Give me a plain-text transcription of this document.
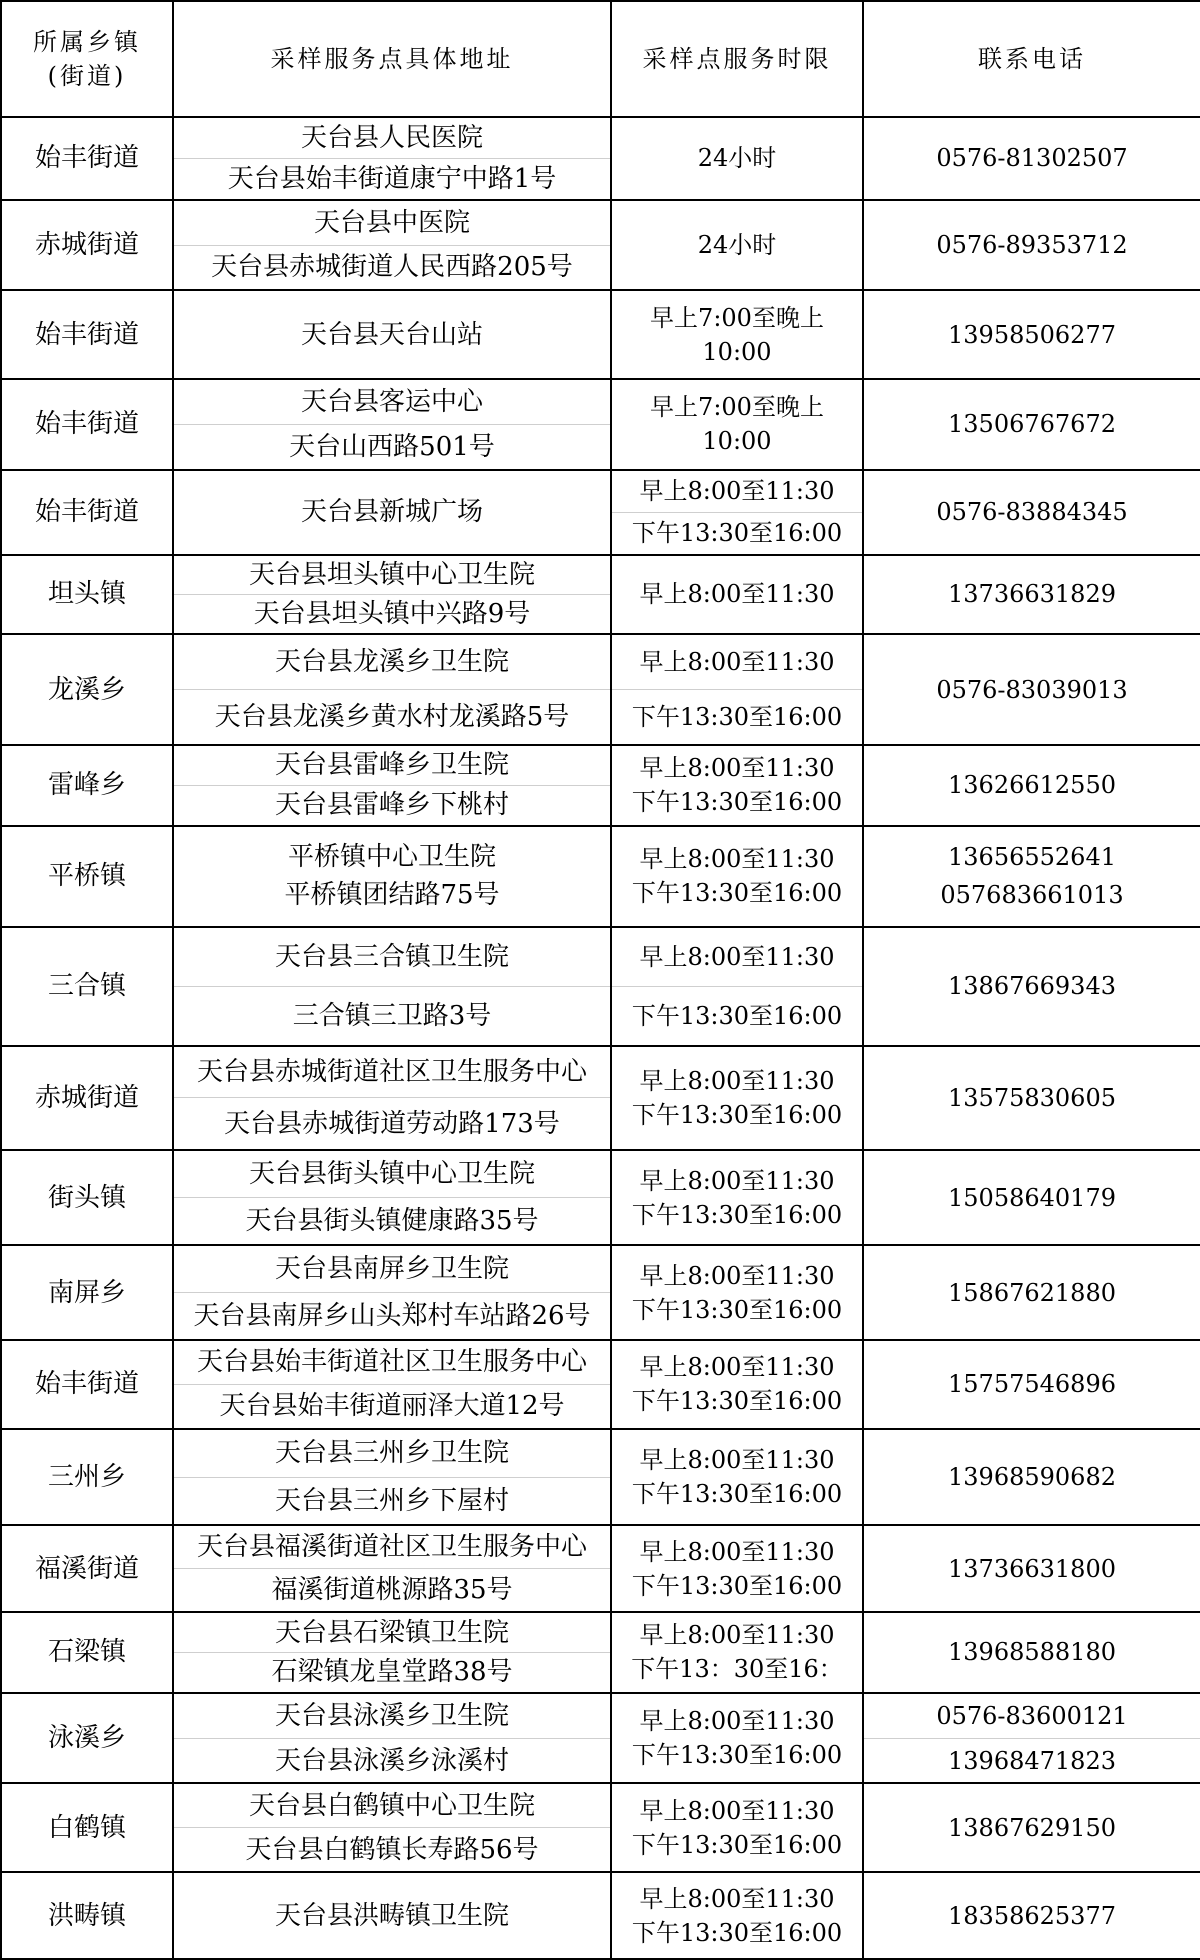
所属乡镇
(街道)	采样服务点具体地址	采样点服务时限	联系电话
始丰街道	天台县人民医院
天台县始丰街道康宁中路1号	24小时	0576-81302507

赤城街道	天台县中医院
天台县赤城街道人民西路205号	24小时	0576-89353712

始丰街道	天台县天台山站	早上7:00至晚上
10:00	13958506277

始丰街道	天台县客运中心
天台山西路501号	早上7:00至晚上
10:00	13506767672

始丰街道	天台县新城广场	早上8:00至11:30
下午13:30至16:00	0576-83884345

坦头镇	天台县坦头镇中心卫生院
天台县坦头镇中兴路9号	早上8:00至11:30	13736631829

龙溪乡	天台县龙溪乡卫生院
天台县龙溪乡黄水村龙溪路5号	早上8:00至11:30
下午13:30至16:00	0576-83039013

雷峰乡	天台县雷峰乡卫生院
天台县雷峰乡下桃村	早上8:00至11:30
下午13:30至16:00	13626612550

平桥镇	平桥镇中心卫生院
平桥镇团结路75号	早上8:00至11:30
下午13:30至16:00	13656552641
057683661013

三合镇	天台县三合镇卫生院
三合镇三卫路3号	早上8:00至11:30
下午13:30至16:00	13867669343

赤城街道	天台县赤城街道社区卫生服务中心
天台县赤城街道劳动路173号	早上8:00至11:30
下午13:30至16:00	13575830605

街头镇	天台县街头镇中心卫生院
天台县街头镇健康路35号	早上8:00至11:30
下午13:30至16:00	15058640179

南屏乡	天台县南屏乡卫生院
天台县南屏乡山头郑村车站路26号	早上8:00至11:30
下午13:30至16:00	15867621880

始丰街道	天台县始丰街道社区卫生服务中心
天台县始丰街道丽泽大道12号	早上8:00至11:30
下午13:30至16:00	15757546896

三州乡	天台县三州乡卫生院
天台县三州乡下屋村	早上8:00至11:30
下午13:30至16:00	13968590682

福溪街道	天台县福溪街道社区卫生服务中心
福溪街道桃源路35号	早上8:00至11:30
下午13:30至16:00	13736631800

石梁镇	天台县石梁镇卫生院
石梁镇龙皇堂路38号	早上8:00至11:30
下午13：30至16：	13968588180

泳溪乡	天台县泳溪乡卫生院
天台县泳溪乡泳溪村	早上8:00至11:30
下午13:30至16:00	0576-83600121
13968471823

白鹤镇	天台县白鹤镇中心卫生院
天台县白鹤镇长寿路56号	早上8:00至11:30
下午13:30至16:00	13867629150

洪畴镇	天台县洪畴镇卫生院	早上8:00至11:30
下午13:30至16:00	18358625377
